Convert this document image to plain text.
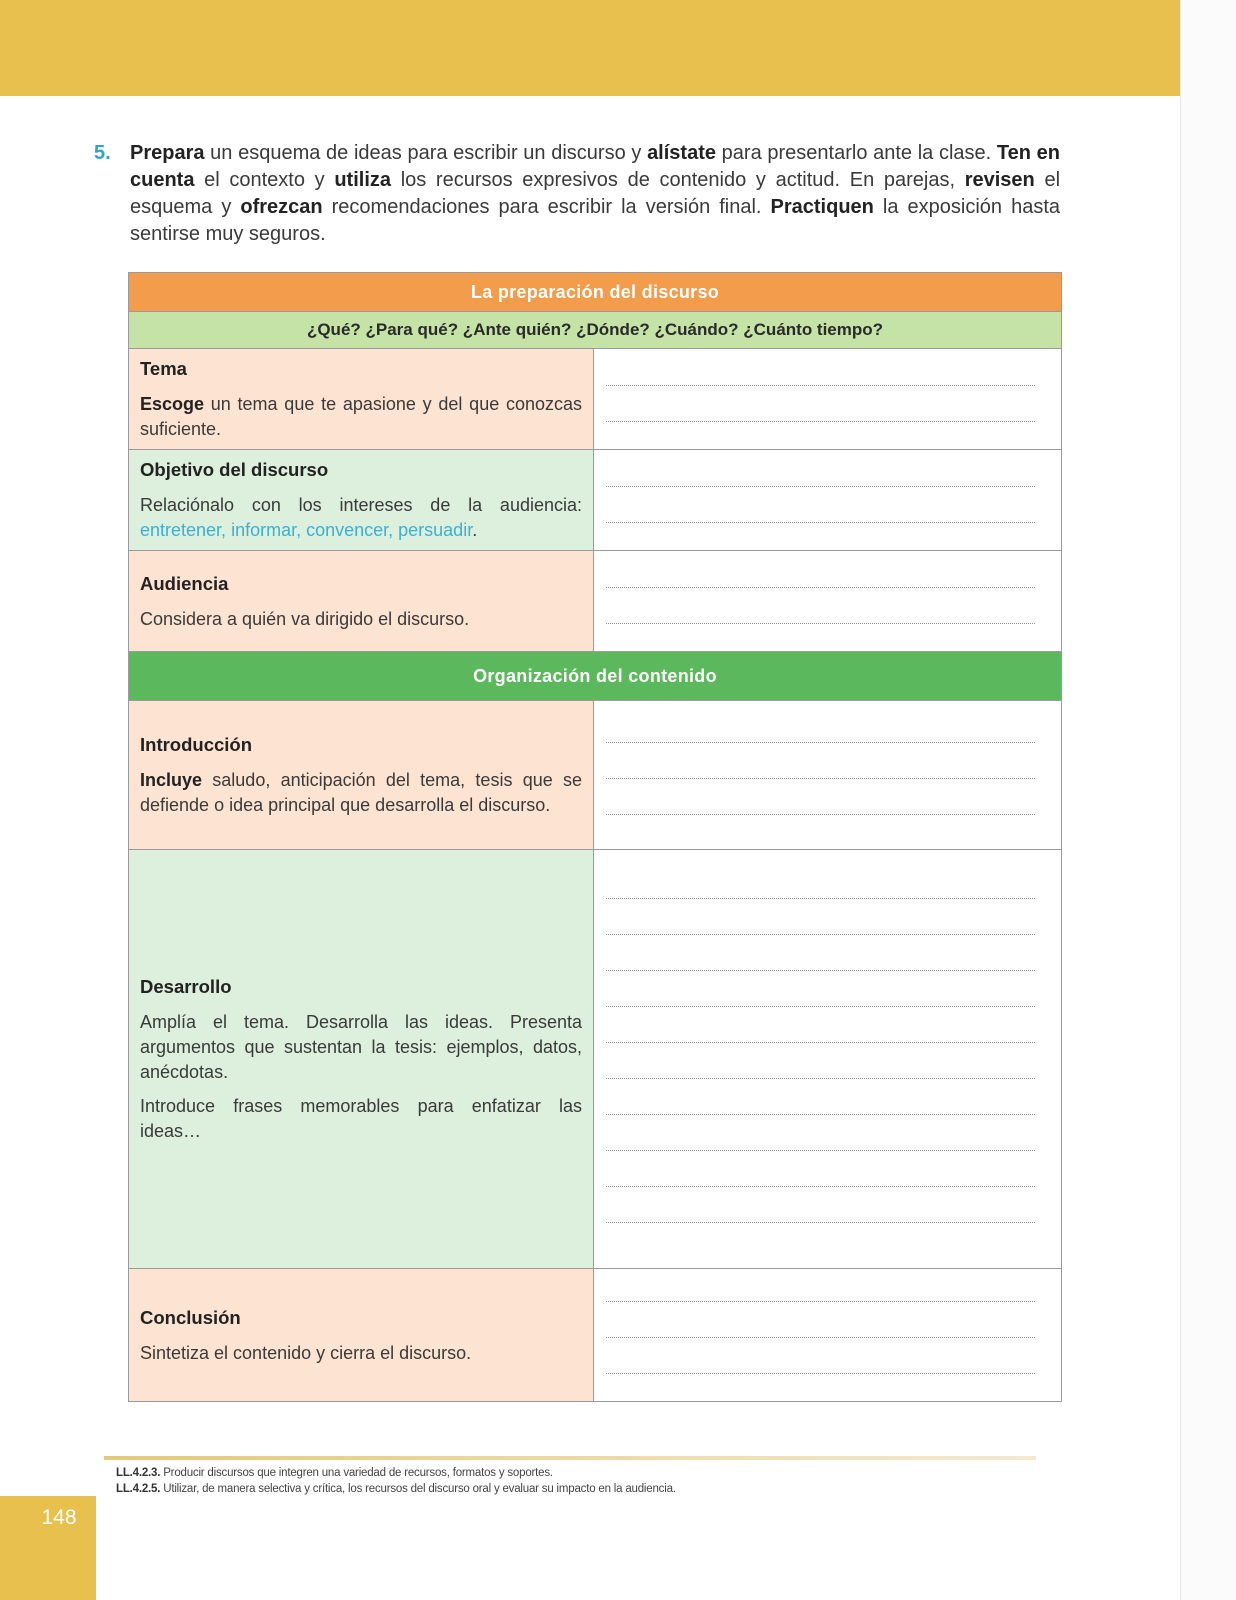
5. Prepara un esquema de ideas para escribir un discurso y alístate para presentarlo ante la clase. Ten en cuenta el contexto y utiliza los recursos expresivos de contenido y actitud. En parejas, revisen el esquema y ofrezcan recomendaciones para escribir la versión final. Practiquen la exposición hasta sentirse muy seguros.
La preparación del discurso
¿Qué? ¿Para qué? ¿Ante quién? ¿Dónde? ¿Cuándo? ¿Cuánto tiempo?
Tema

Escoge un tema que te apasione y del que conozcas suficiente.

Objetivo del discurso

Relaciónalo con los intereses de la audiencia: entretener, informar, convencer, persuadir.

Audiencia

Considera a quién va dirigido el discurso.

Organización del contenido
Introducción

Incluye saludo, anticipación del tema, tesis que se defiende o idea principal que desarrolla el discurso.

Desarrollo

Amplía el tema. Desarrolla las ideas. Presenta argumentos que sustentan la tesis: ejemplos, datos, anécdotas.

Introduce frases memorables para enfatizar las ideas…

Conclusión

Sintetiza el contenido y cierra el discurso.

LL.4.2.3. Producir discursos que integren una variedad de recursos, formatos y soportes.
LL.4.2.5. Utilizar, de manera selectiva y crítica, los recursos del discurso oral y evaluar su impacto en la audiencia.
148
